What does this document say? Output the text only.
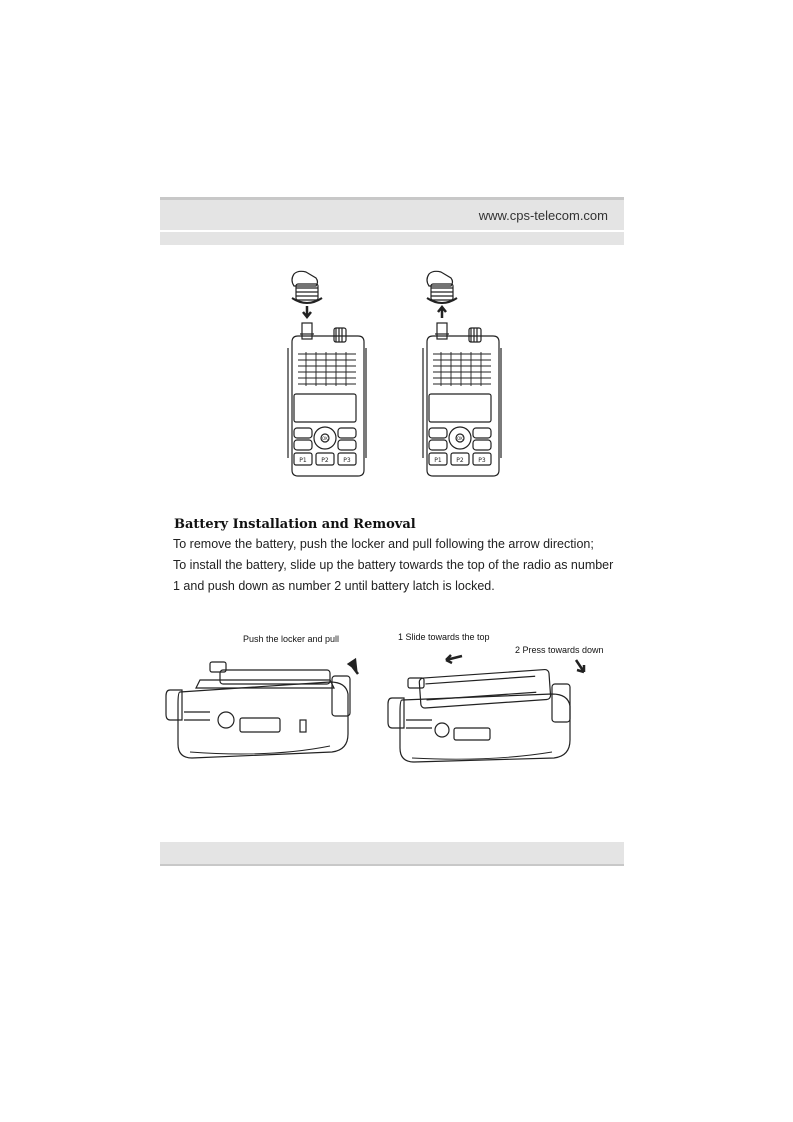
www.cps-telecom.com
P1 P2 P3	P1 P2 P3
OK	OK
Battery Installation and Removal

To remove the battery, push the locker and pull following the arrow direction;

To install the battery, slide up the battery towards the top of the radio as number

1 and push down as number 2 until battery latch is locked.

Push the locker and pull	1 Slide towards the top
2 Press towards down
